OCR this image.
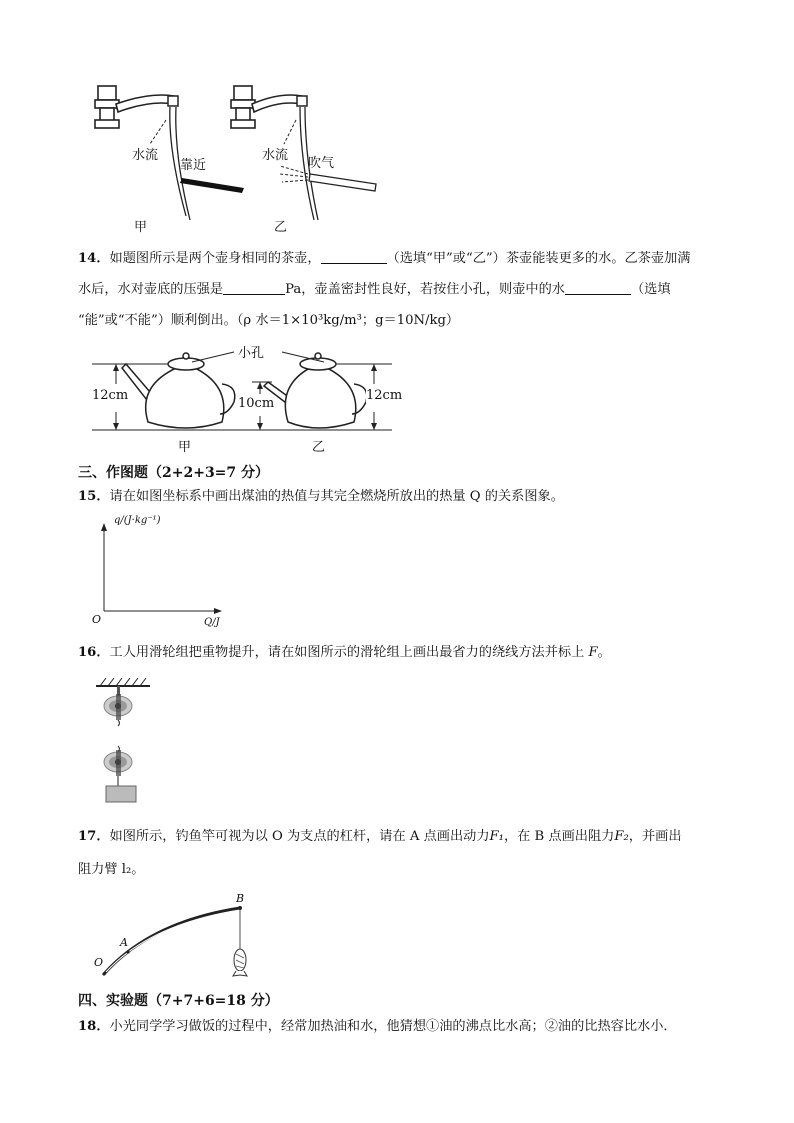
水流
靠近
甲
水流
吹气
乙
14．如题图所示是两个壶身相同的茶壶，	（选填“甲”或“乙”）茶壶能装更多的水。乙茶壶加满
水后，水对壶底的压强是	Pa，壶盖密封性良好，若按住小孔，则壶中的水	（选填
“能”或“不能”）顺利倒出。（ρ 水＝1×10³kg/m³；g＝10N/kg）
小孔
12cm
10cm
12cm
甲	乙
三、作图题（2+2+3=7 分）
15．请在如图坐标系中画出煤油的热值与其完全燃烧所放出的热量 Q 的关系图象。
q/(J·kg⁻¹)
O	Q/J
16．工人用滑轮组把重物提升，请在如图所示的滑轮组上画出最省力的绕线方法并标上 F。
17．如图所示，钓鱼竿可视为以 O 为支点的杠杆，请在 A 点画出动力F₁，在 B 点画出阻力F₂，并画出
阻力臂 l₂。
O
A
B
四、实验题（7+7+6=18 分）
18．小光同学学习做饭的过程中，经常加热油和水，他猜想①油的沸点比水高；②油的比热容比水小．
